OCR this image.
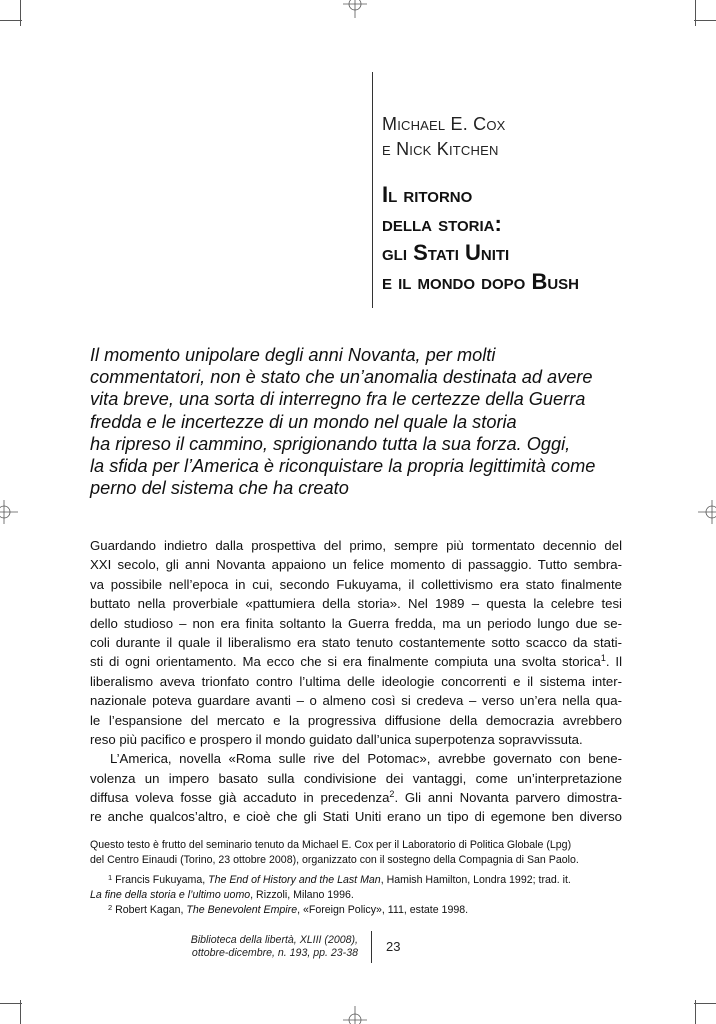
Michael E. Cox
e Nick Kitchen
Il ritorno
della storia:
gli Stati Uniti
e il mondo dopo Bush
Il momento unipolare degli anni Novanta, per molti
commentatori, non è stato che un’anomalia destinata ad avere
vita breve, una sorta di interregno fra le certezze della Guerra
fredda e le incertezze di un mondo nel quale la storia
ha ripreso il cammino, sprigionando tutta la sua forza. Oggi,
la sfida per l’America è riconquistare la propria legittimità come
perno del sistema che ha creato
Guardando indietro dalla prospettiva del primo, sempre più tormentato decennio del
XXI secolo, gli anni Novanta appaiono un felice momento di passaggio. Tutto sembra-
va possibile nell’epoca in cui, secondo Fukuyama, il collettivismo era stato finalmente
buttato nella proverbiale «pattumiera della storia». Nel 1989 – questa la celebre tesi
dello studioso – non era finita soltanto la Guerra fredda, ma un periodo lungo due se-
coli durante il quale il liberalismo era stato tenuto costantemente sotto scacco da stati-
sti di ogni orientamento. Ma ecco che si era finalmente compiuta una svolta storica$^1$. Il
liberalismo aveva trionfato contro l’ultima delle ideologie concorrenti e il sistema inter-
nazionale poteva guardare avanti – o almeno così si credeva – verso un’era nella qua-
le l’espansione del mercato e la progressiva diffusione della democrazia avrebbero
reso più pacifico e prospero il mondo guidato dall’unica superpotenza sopravvissuta.
L’America, novella «Roma sulle rive del Potomac», avrebbe governato con bene-
volenza un impero basato sulla condivisione dei vantaggi, come un’interpretazione
diffusa voleva fosse già accaduto in precedenza$^2$. Gli anni Novanta parvero dimostra-
re anche qualcos’altro, e cioè che gli Stati Uniti erano un tipo di egemone ben diverso
Questo testo è frutto del seminario tenuto da Michael E. Cox per il Laboratorio di Politica Globale (Lpg)
del Centro Einaudi (Torino, 23 ottobre 2008), organizzato con il sostegno della Compagnia di San Paolo.
$^1$ Francis Fukuyama, The End of History and the Last Man, Hamish Hamilton, Londra 1992; trad. it.
La fine della storia e l’ultimo uomo, Rizzoli, Milano 1996.
$^2$ Robert Kagan, The Benevolent Empire, «Foreign Policy», 111, estate 1998.
Biblioteca della libertà, XLIII (2008),
ottobre-dicembre, n. 193, pp. 23-38 23
